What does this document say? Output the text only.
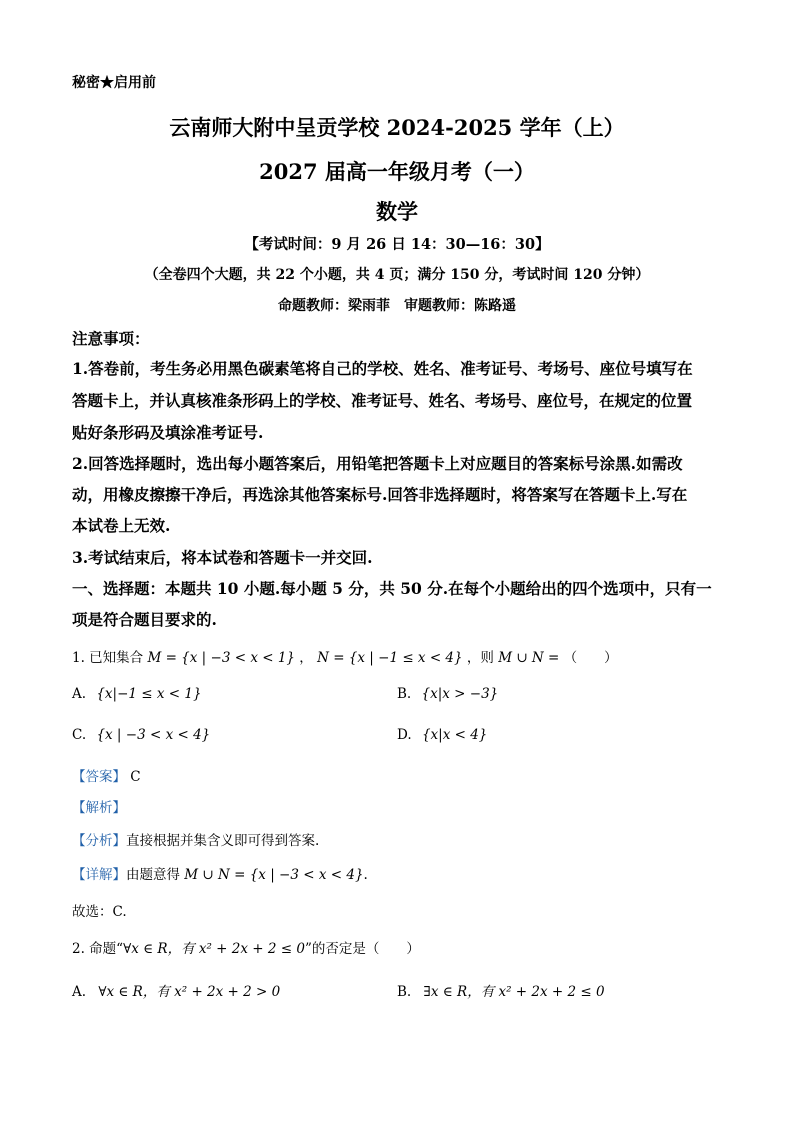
秘密★启用前
云南师大附中呈贡学校 2024-2025 学年（上）
2027 届高一年级月考（一）
数学
【考试时间：9 月 26 日 14：30—16：30】
（全卷四个大题，共 22 个小题，共 4 页；满分 150 分，考试时间 120 分钟）
命题教师：梁雨菲　审题教师：陈路遥
注意事项：
1.答卷前，考生务必用黑色碳素笔将自己的学校、姓名、准考证号、考场号、座位号填写在
答题卡上，并认真核准条形码上的学校、准考证号、姓名、考场号、座位号，在规定的位置
贴好条形码及填涂准考证号.
2.回答选择题时，选出每小题答案后，用铅笔把答题卡上对应题目的答案标号涂黑.如需改
动，用橡皮擦擦干净后，再选涂其他答案标号.回答非选择题时，将答案写在答题卡上.写在
本试卷上无效.
3.考试结束后，将本试卷和答题卡一并交回.
一、选择题：本题共 10 小题.每小题 5 分，共 50 分.在每个小题给出的四个选项中，只有一
项是符合题目要求的.
1. 已知集合 M = {x | −3 < x < 1} ， N = {x | −1 ≤ x < 4} ，则 M ∪ N = （　　）
A. {x|−1 ≤ x < 1}	B. {x|x > −3}
C. {x | −3 < x < 4}	D. {x|x < 4}
【答案】 C
【解析】
【分析】直接根据并集含义即可得到答案.
【详解】由题意得 M ∪ N = {x | −3 < x < 4}.
故选：C.
2. 命题“∀x ∈ R，有 x² + 2x + 2 ≤ 0”的否定是（　　）
A. ∀x ∈ R，有 x² + 2x + 2 > 0	B. ∃x ∈ R，有 x² + 2x + 2 ≤ 0
